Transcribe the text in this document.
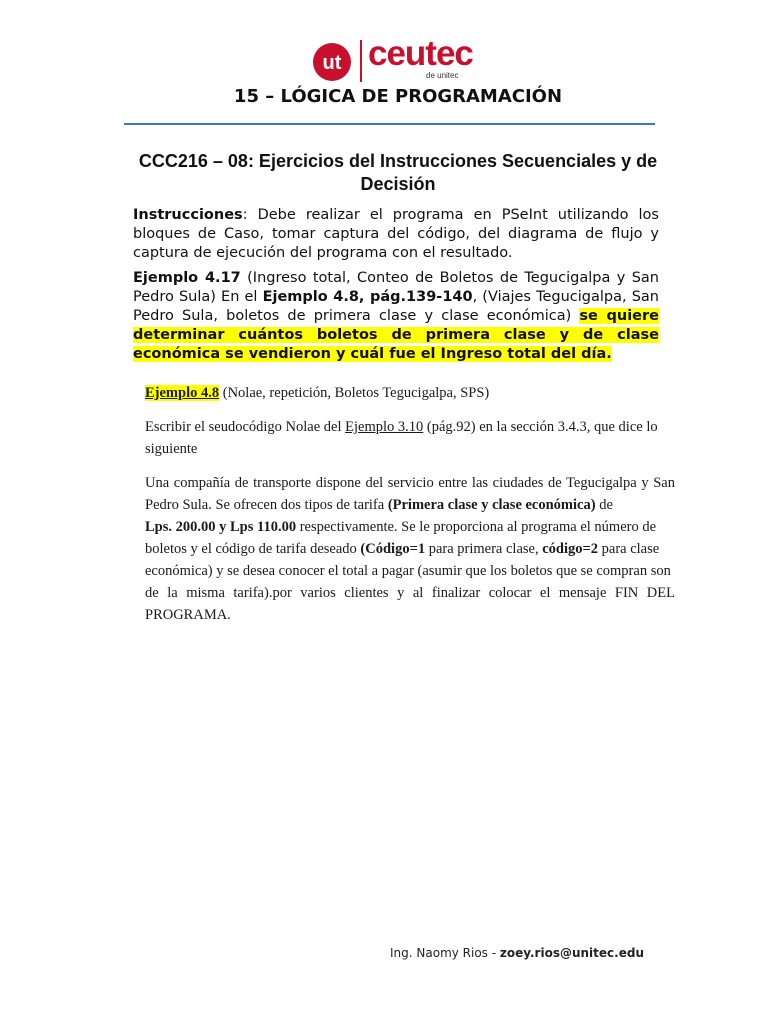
ut ceutec
de unitec
15 – LÓGICA DE PROGRAMACIÓN
CCC216 – 08: Ejercicios del Instrucciones Secuenciales y de Decisión
Instrucciones: Debe realizar el programa en PSeInt utilizando los bloques de Caso, tomar captura del código, del diagrama de flujo y captura de ejecución del programa con el resultado.
Ejemplo 4.17 (Ingreso total, Conteo de Boletos de Tegucigalpa y San Pedro Sula) En el Ejemplo 4.8, pág.139-140, (Viajes Tegucigalpa, San Pedro Sula, boletos de primera clase y clase económica) se quiere determinar cuántos boletos de primera clase y de clase económica se vendieron y cuál fue el Ingreso total del día.
Ejemplo 4.8 (Nolae, repetición, Boletos Tegucigalpa, SPS)
Escribir el seudocódigo Nolae del Ejemplo 3.10 (pág.92) en la sección 3.4.3, que dice lo
siguiente
Una compañía de transporte dispone del servicio entre las ciudades de Tegucigalpa y San
Pedro Sula. Se ofrecen dos tipos de tarifa (Primera clase y clase económica) de
Lps. 200.00 y Lps 110.00 respectivamente. Se le proporciona al programa el número de
boletos y el código de tarifa deseado (Código=1 para primera clase, código=2 para clase
económica) y se desea conocer el total a pagar (asumir que los boletos que se compran son
de la misma tarifa).por varios clientes y al finalizar colocar el mensaje FIN DEL
PROGRAMA.
Ing. Naomy Rios - zoey.rios@unitec.edu
